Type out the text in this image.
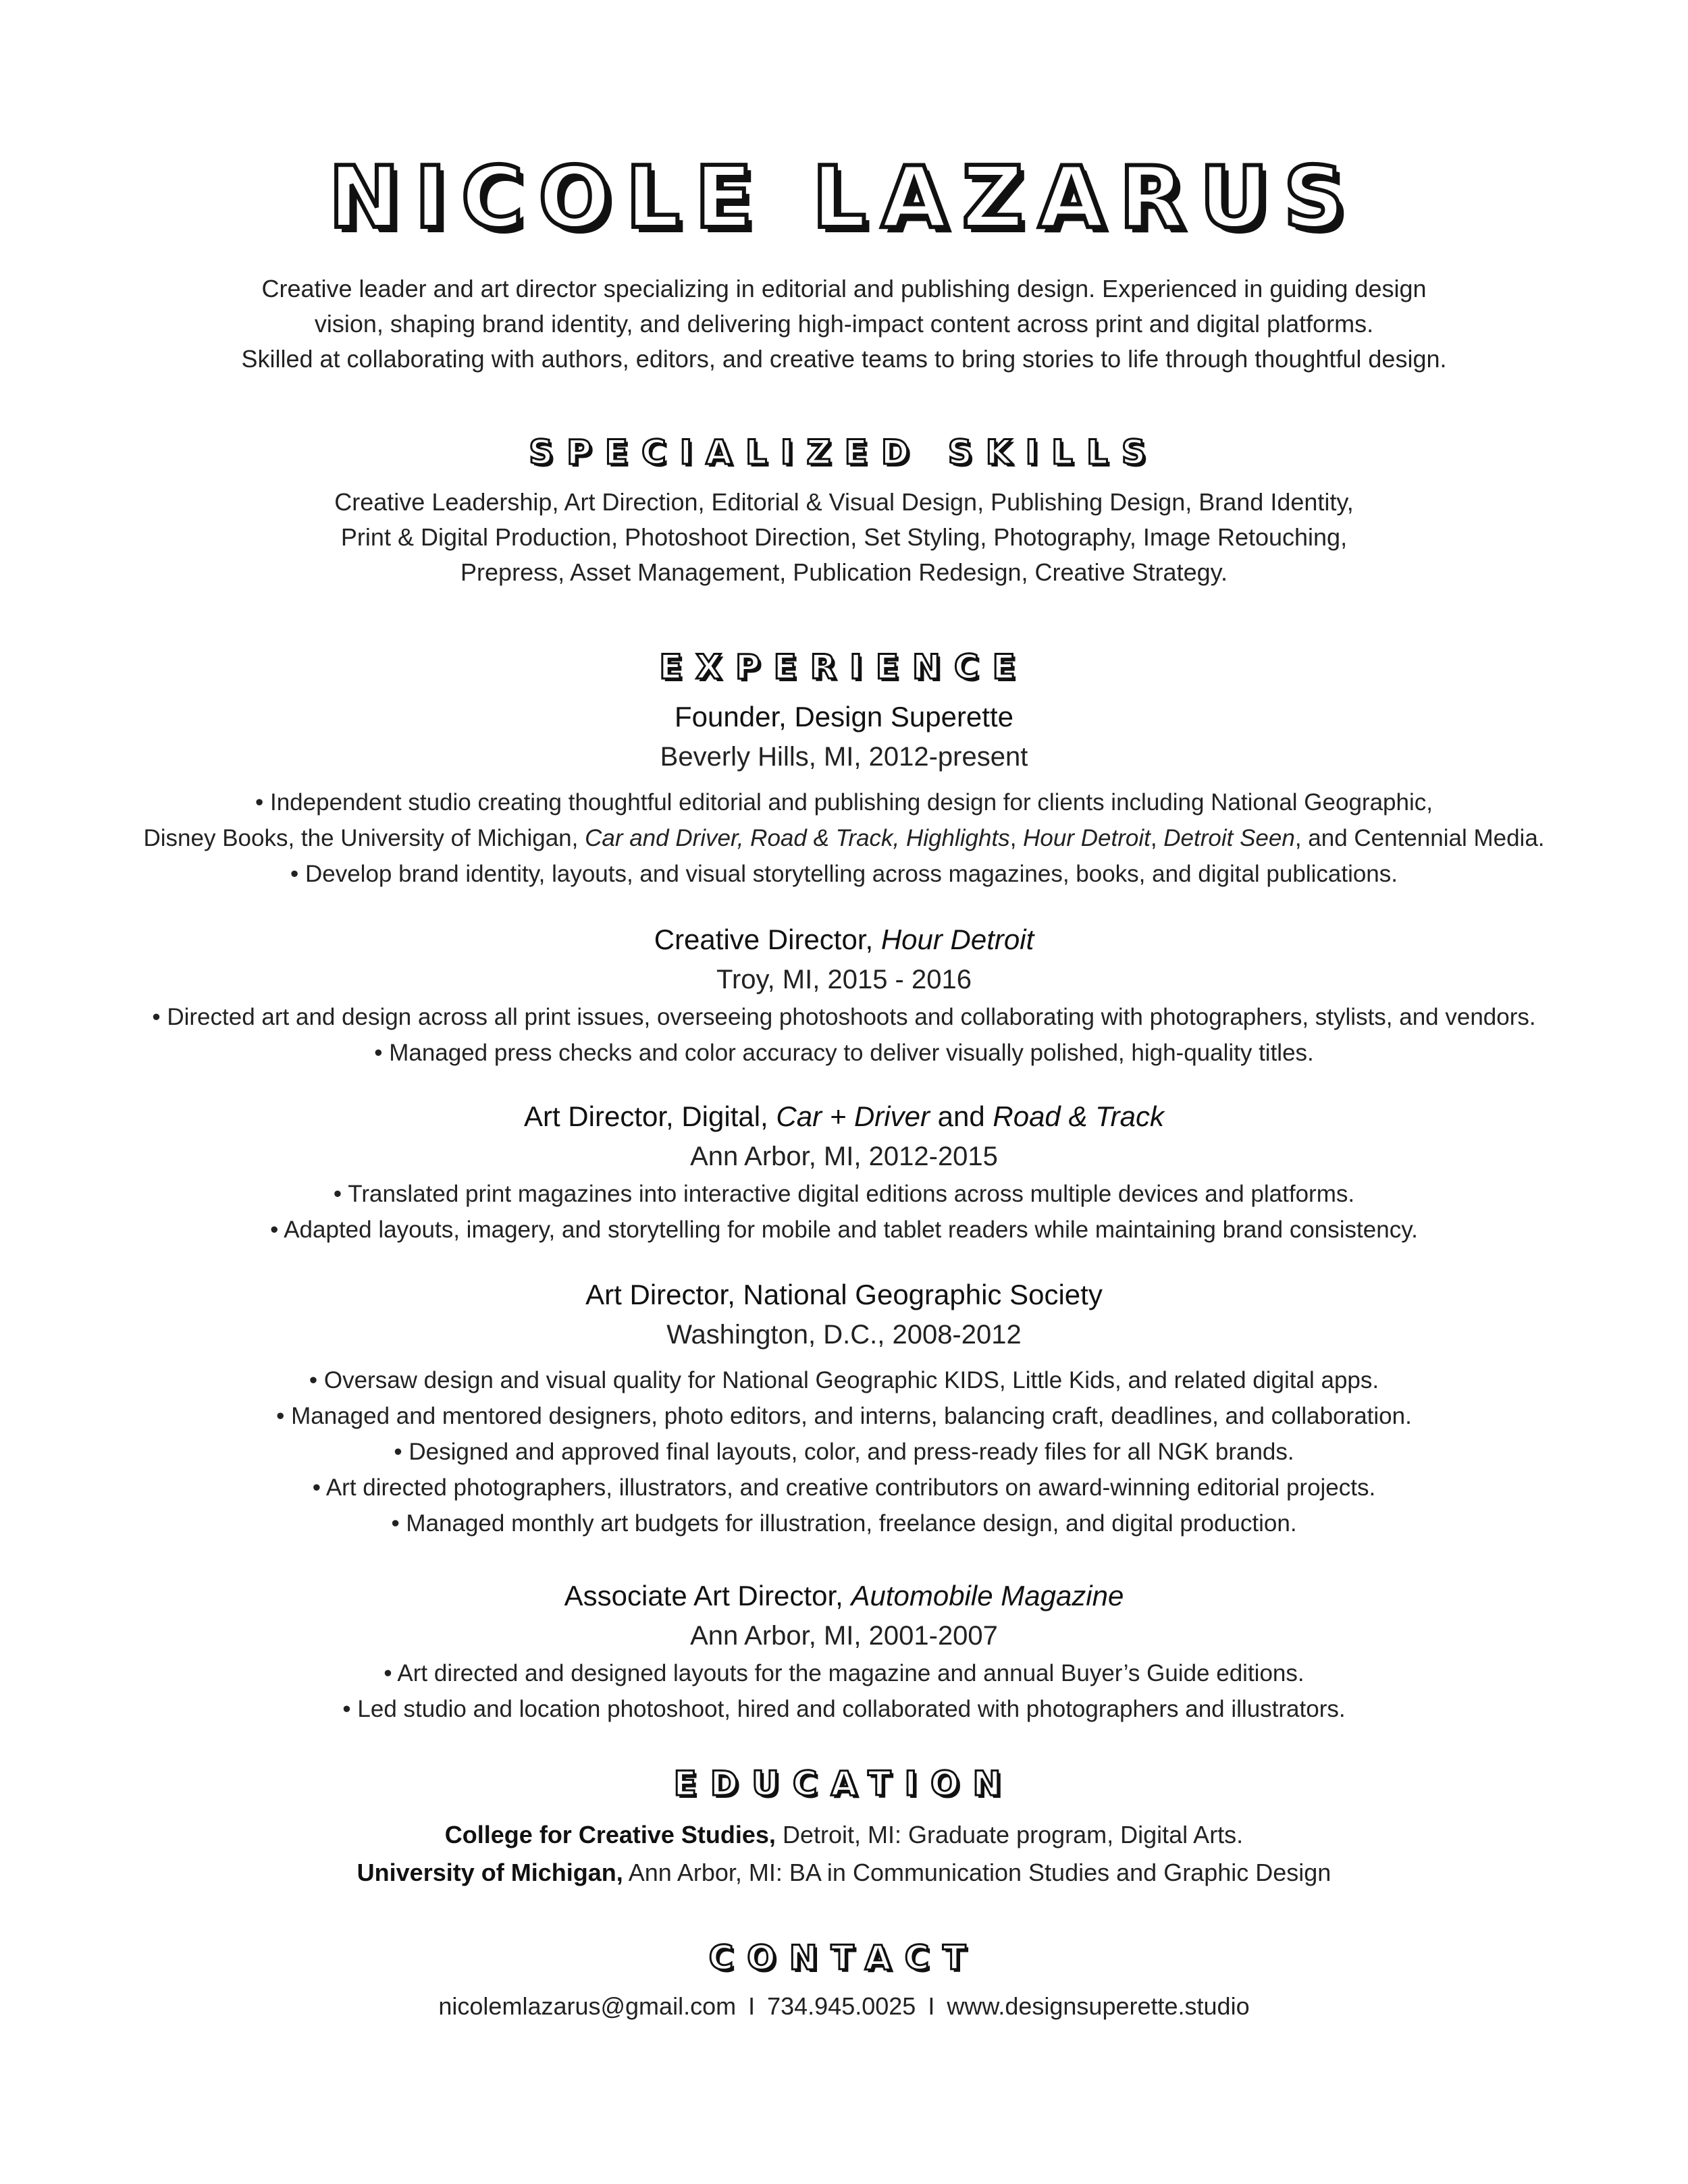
NICOLE LAZARUS
Creative leader and art director specializing in editorial and publishing design. Experienced in guiding design
vision, shaping brand identity, and delivering high-impact content across print and digital platforms.
Skilled at collaborating with authors, editors, and creative teams to bring stories to life through thoughtful design.
SPECIALIZED SKILLS
Creative Leadership, Art Direction, Editorial & Visual Design, Publishing Design, Brand Identity,
Print & Digital Production, Photoshoot Direction, Set Styling, Photography, Image Retouching,
Prepress, Asset Management, Publication Redesign, Creative Strategy.
EXPERIENCE
Founder, Design Superette
Beverly Hills, MI, 2012-present
• Independent studio creating thoughtful editorial and publishing design for clients including National Geographic,
Disney Books, the University of Michigan, Car and Driver, Road & Track, Highlights, Hour Detroit, Detroit Seen, and Centennial Media.
• Develop brand identity, layouts, and visual storytelling across magazines, books, and digital publications.
Creative Director, Hour Detroit
Troy, MI, 2015 - 2016
• Directed art and design across all print issues, overseeing photoshoots and collaborating with photographers, stylists, and vendors.
• Managed press checks and color accuracy to deliver visually polished, high-quality titles.
Art Director, Digital, Car + Driver and Road & Track
Ann Arbor, MI, 2012-2015
• Translated print magazines into interactive digital editions across multiple devices and platforms.
• Adapted layouts, imagery, and storytelling for mobile and tablet readers while maintaining brand consistency.
Art Director, National Geographic Society
Washington, D.C., 2008-2012
• Oversaw design and visual quality for National Geographic KIDS, Little Kids, and related digital apps.
• Managed and mentored designers, photo editors, and interns, balancing craft, deadlines, and collaboration.
• Designed and approved final layouts, color, and press-ready files for all NGK brands.
• Art directed photographers, illustrators, and creative contributors on award-winning editorial projects.
• Managed monthly art budgets for illustration, freelance design, and digital production.
Associate Art Director, Automobile Magazine
Ann Arbor, MI, 2001-2007
• Art directed and designed layouts for the magazine and annual Buyer’s Guide editions.
• Led studio and location photoshoot, hired and collaborated with photographers and illustrators.
EDUCATION
College for Creative Studies, Detroit, MI: Graduate program, Digital Arts.
University of Michigan, Ann Arbor, MI: BA in Communication Studies and Graphic Design
CONTACT
nicolemlazarus@gmail.com I 734.945.0025 I www.designsuperette.studio
